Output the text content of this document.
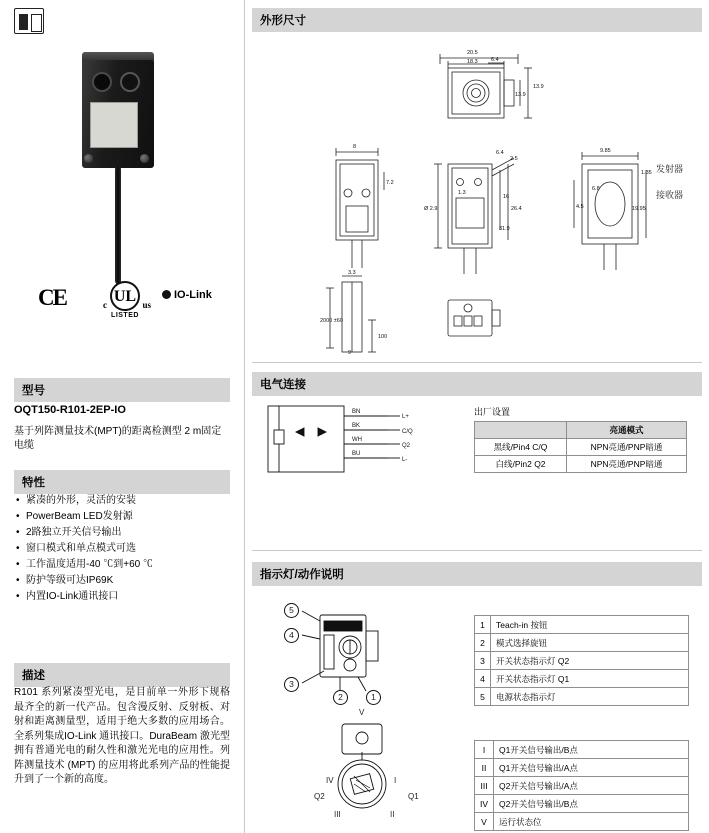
CE	c UL us
LISTED
IO-Link
型号
OQT150-R101-2EP-IO
基于列阵测量技术(MPT)的距离检测型 2 m固定电缆
特性
• 紧凑的外形，灵活的安装
• PowerBeam LED发射源
• 2路独立开关信号输出
• 窗口模式和单点模式可选
• 工作温度适用-40 ℃到+60 ℃
• 防护等级可达IP69K
• 内置IO-Link通讯接口
描述
R101 系列紧凑型光电，是目前单一外形下规格最齐全的新一代产品。包含漫反射、反射板、对射和距离测量型，适用于绝大多数的应用场合。全系列集成IO-Link 通讯接口。DuraBeam 激光型拥有普通光电的耐久性和激光光电的应用性。列阵测量技术 (MPT) 的应用将此系列产品的性能提升到了一个新的高度。
外形尺寸
20.5
18.3 6.4
13.9
13.9
8
7.2
6.4
2.5
1.3
16
26.4
31.9
Ø 2.9
3.3
2000 ±60
100
9
9.85
1.35
4.5
6.8
19.95
发射器
接收器
电气连接
BN
BK
WH
BU
L+
C/Q
Q2
L-
出厂设置
	亮通模式
黑线/Pin4 C/Q	NPN亮通/PNP暗通
白线/Pin2 Q2	NPN亮通/PNP暗通
指示灯/动作说明
5
4
3
2	1
V
IV	I
III	II
Q2	Q1
1	Teach-in 按钮
2	模式选择旋钮
3	开关状态指示灯 Q2
4	开关状态指示灯 Q1
5	电源状态指示灯
I	Q1开关信号输出/B点
II	Q1开关信号输出/A点
III	Q2开关信号输出/A点
IV	Q2开关信号输出/B点
V	运行状态位
